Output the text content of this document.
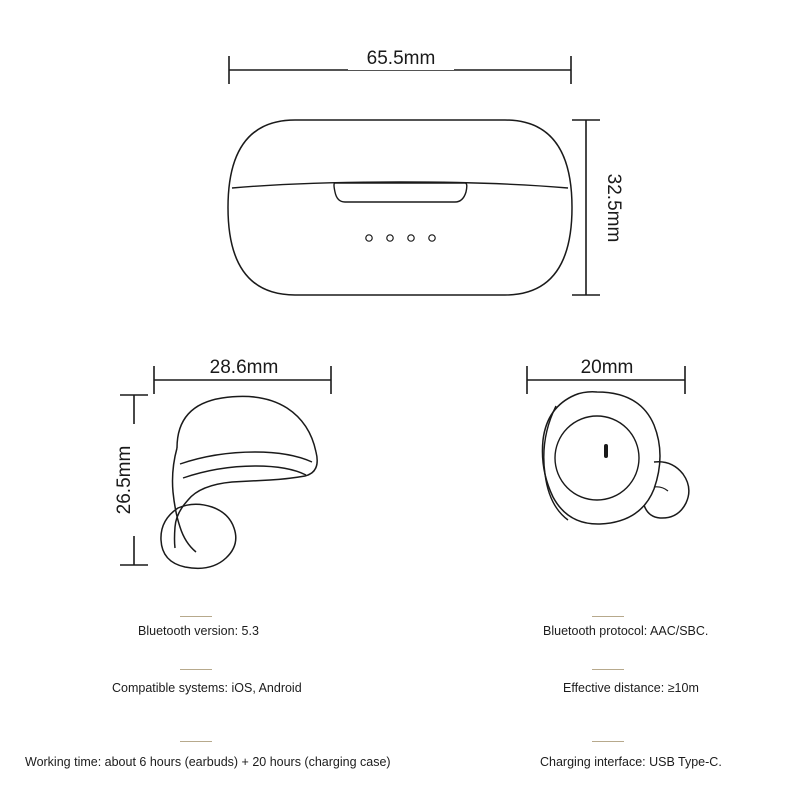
65.5mm
32.5mm
28.6mm
26.5mm
20mm
Bluetooth version: 5.3
Compatible systems: iOS, Android
Working time: about 6 hours (earbuds) + 20 hours (charging case)
Bluetooth protocol: AAC/SBC.
Effective distance: ≥10m
Charging interface: USB Type-C.
